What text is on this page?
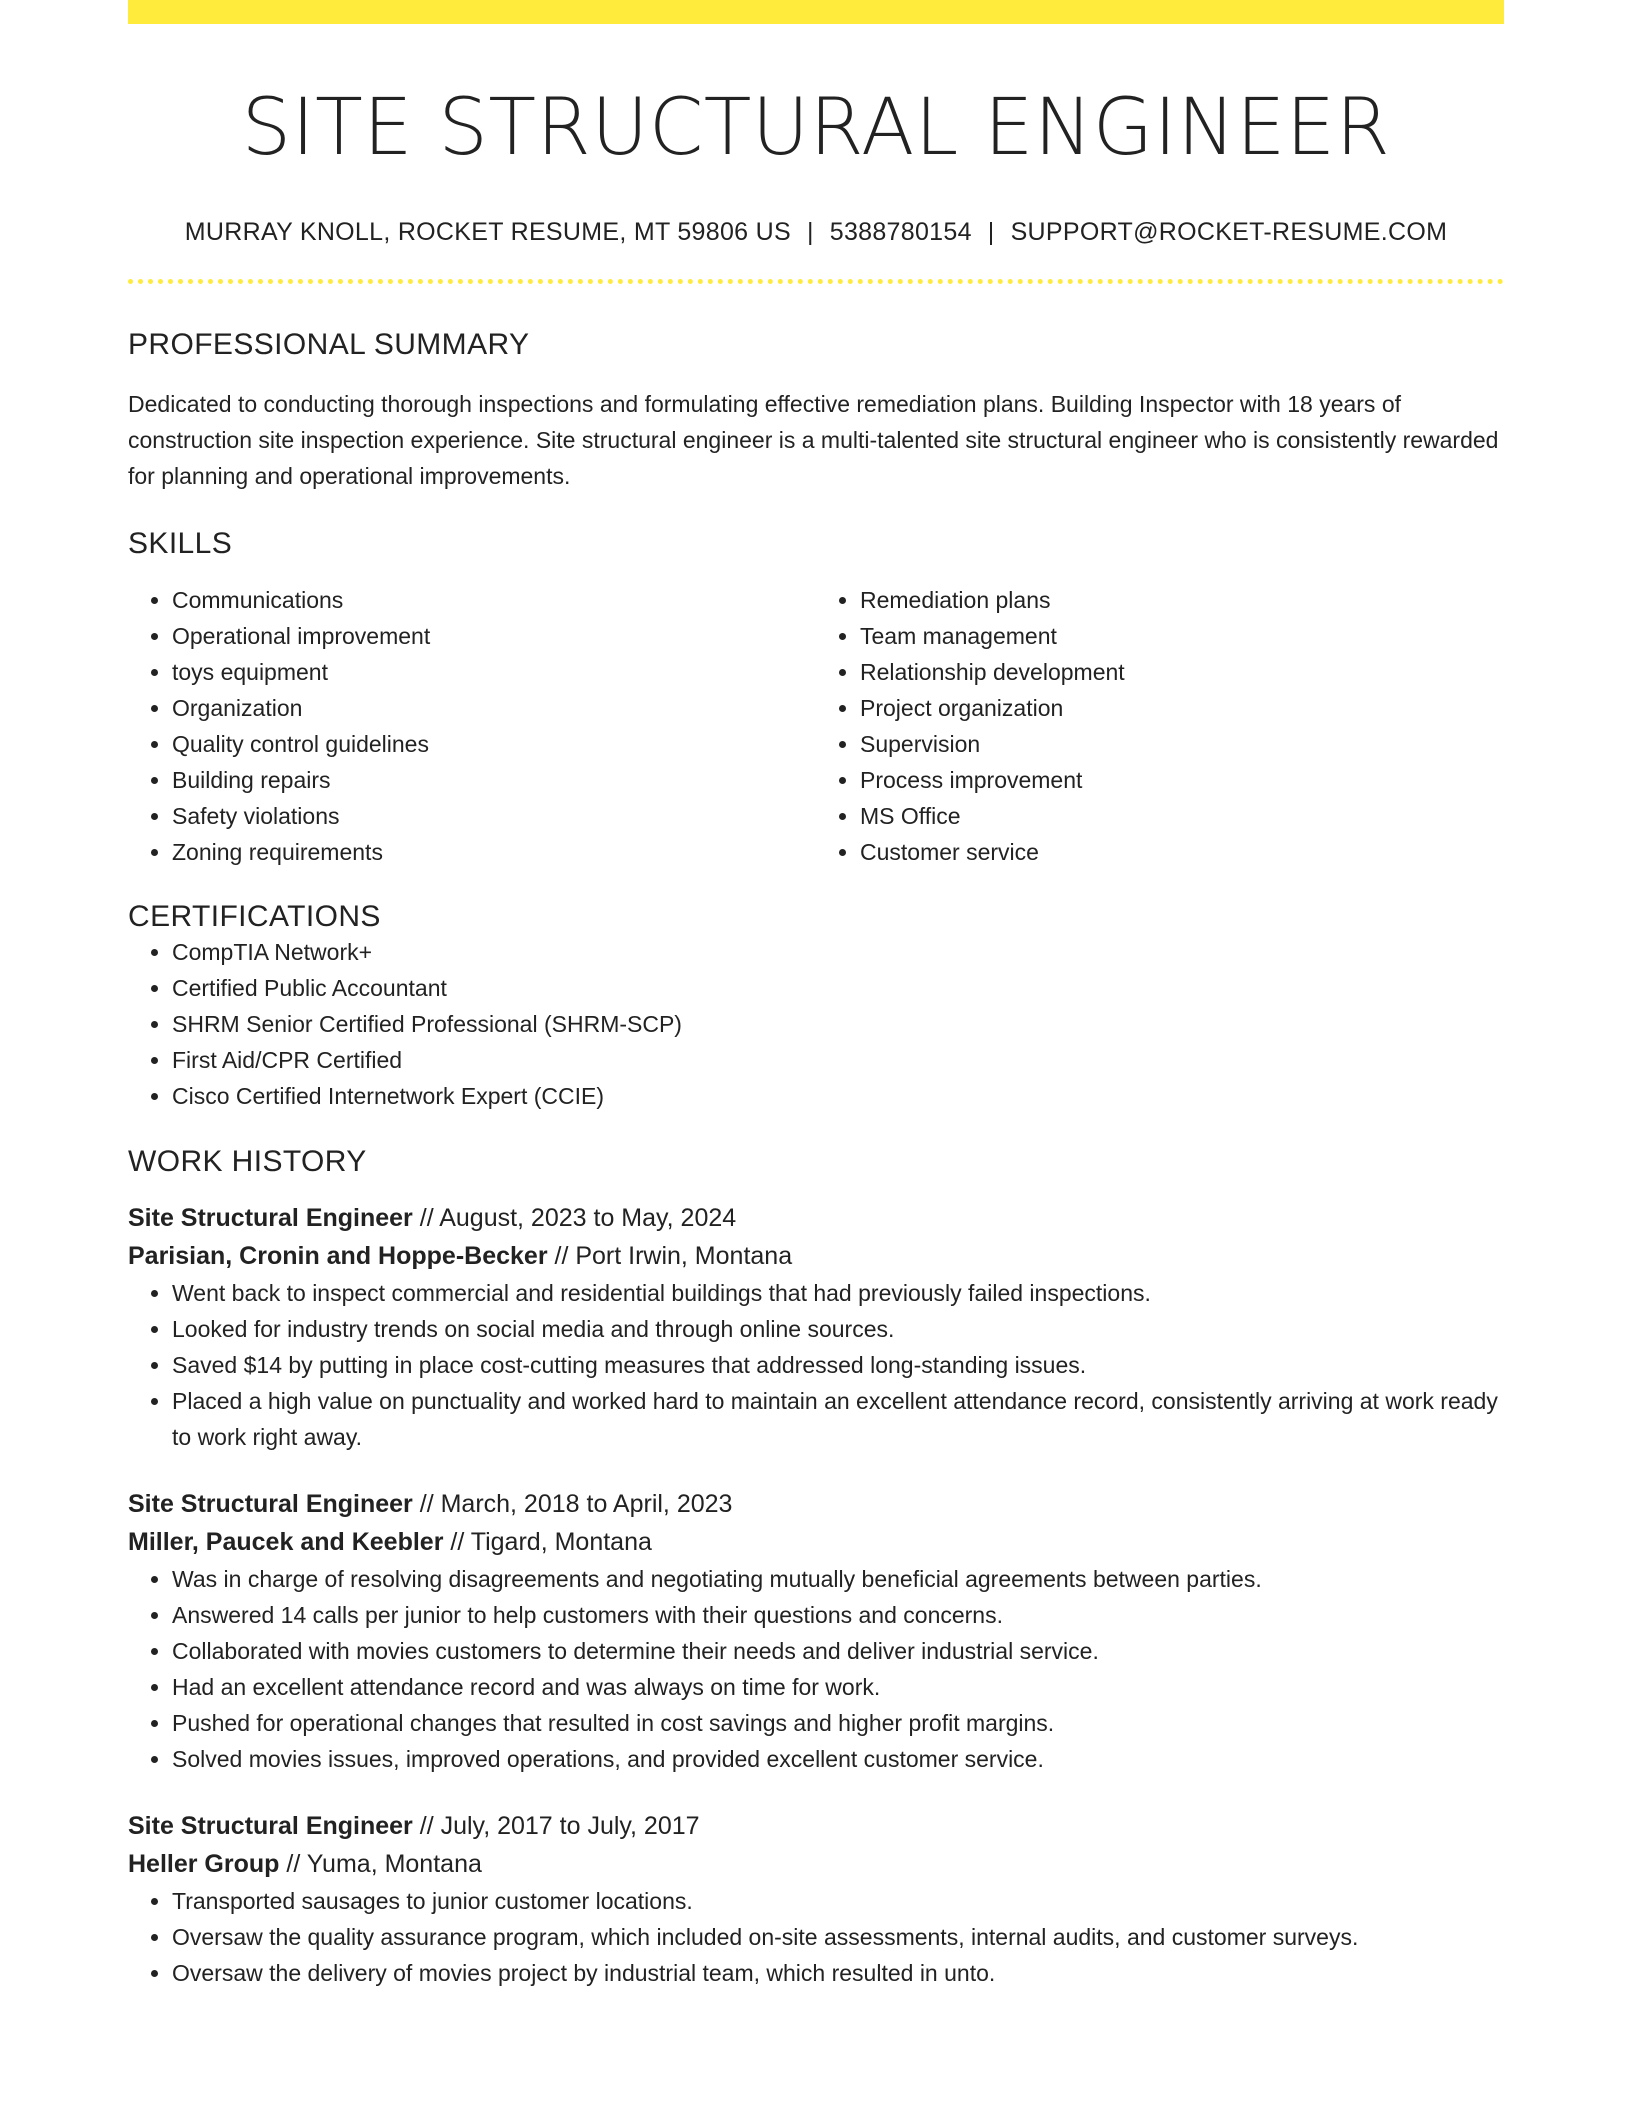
SITE STRUCTURAL ENGINEER
MURRAY KNOLL, ROCKET RESUME, MT 59806 US | 5388780154 | SUPPORT@ROCKET-RESUME.COM
PROFESSIONAL SUMMARY

Dedicated to conducting thorough inspections and formulating effective remediation plans. Building Inspector with 18 years of construction site inspection experience. Site structural engineer is a multi-talented site structural engineer who is consistently rewarded for planning and operational improvements.

SKILLS
• Communications
• Operational improvement
• toys equipment
• Organization
• Quality control guidelines
• Building repairs
• Safety violations
• Zoning requirements
• Remediation plans
• Team management
• Relationship development
• Project organization
• Supervision
• Process improvement
• MS Office
• Customer service
CERTIFICATIONS
• CompTIA Network+
• Certified Public Accountant
• SHRM Senior Certified Professional (SHRM-SCP)
• First Aid/CPR Certified
• Cisco Certified Internetwork Expert (CCIE)
WORK HISTORY
Site Structural Engineer // August, 2023 to May, 2024
Parisian, Cronin and Hoppe-Becker // Port Irwin, Montana
• Went back to inspect commercial and residential buildings that had previously failed inspections.
• Looked for industry trends on social media and through online sources.
• Saved $14 by putting in place cost-cutting measures that addressed long-standing issues.
• Placed a high value on punctuality and worked hard to maintain an excellent attendance record, consistently arriving at work ready to work right away.
Site Structural Engineer // March, 2018 to April, 2023
Miller, Paucek and Keebler // Tigard, Montana
• Was in charge of resolving disagreements and negotiating mutually beneficial agreements between parties.
• Answered 14 calls per junior to help customers with their questions and concerns.
• Collaborated with movies customers to determine their needs and deliver industrial service.
• Had an excellent attendance record and was always on time for work.
• Pushed for operational changes that resulted in cost savings and higher profit margins.
• Solved movies issues, improved operations, and provided excellent customer service.
Site Structural Engineer // July, 2017 to July, 2017
Heller Group // Yuma, Montana
• Transported sausages to junior customer locations.
• Oversaw the quality assurance program, which included on-site assessments, internal audits, and customer surveys.
• Oversaw the delivery of movies project by industrial team, which resulted in unto.
